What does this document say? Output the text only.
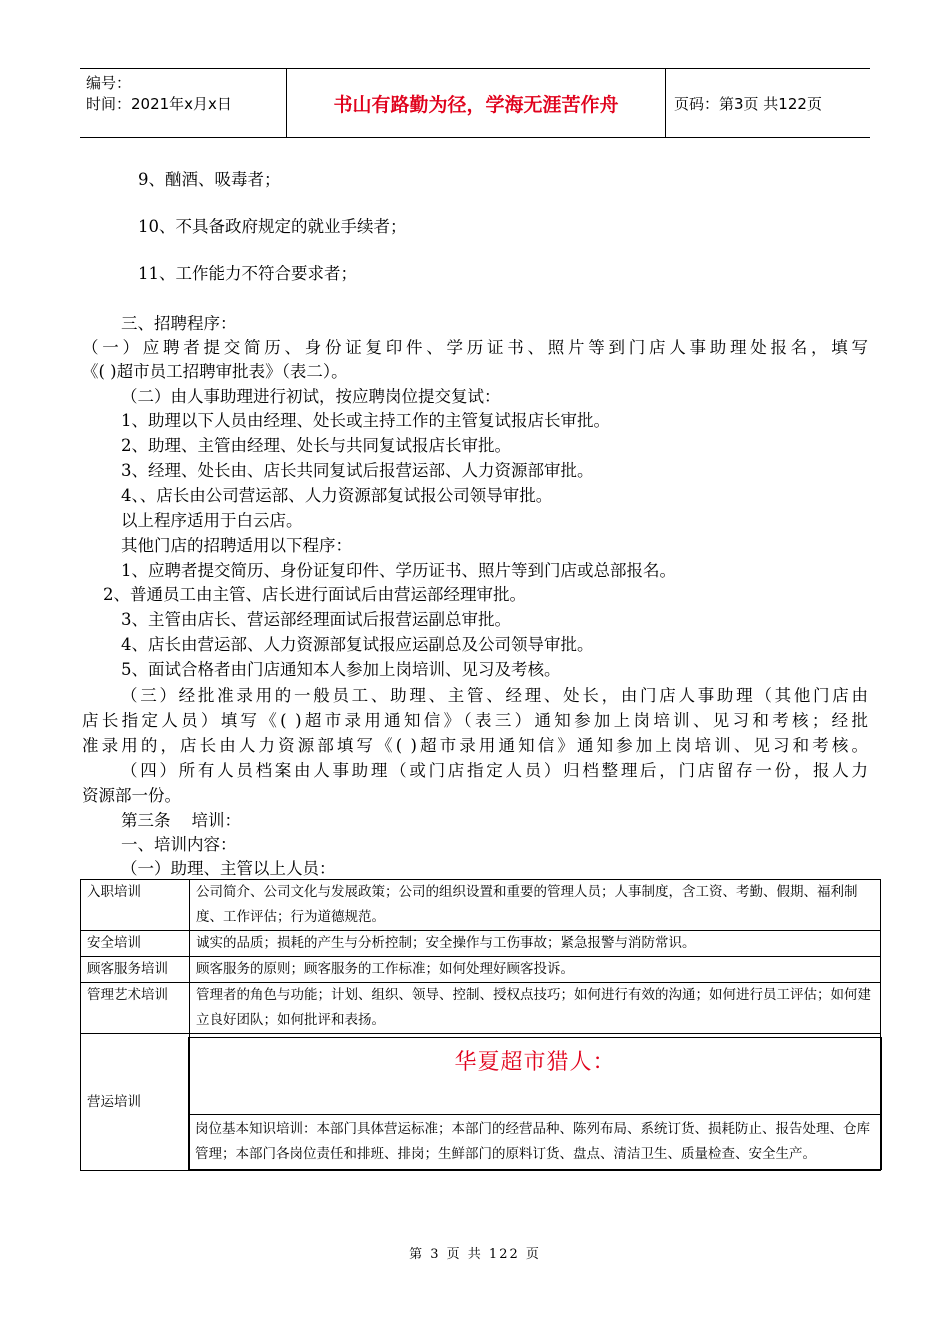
编号：
时间：2021年x月x日	书山有路勤为径，学海无涯苦作舟	页码：第3页 共122页
9、酗酒、吸毒者；
10、不具备政府规定的就业手续者；
11、工作能力不符合要求者；
三、招聘程序：
（一）应聘者提交简历、身份证复印件、学历证书、照片等到门店人事助理处报名，填写
《( )超市员工招聘审批表》（表二）。
（二）由人事助理进行初试，按应聘岗位提交复试：
1、助理以下人员由经理、处长或主持工作的主管复试报店长审批。
2、助理、主管由经理、处长与共同复试报店长审批。
3、经理、处长由、店长共同复试后报营运部、人力资源部审批。
4、、店长由公司营运部、人力资源部复试报公司领导审批。
以上程序适用于白云店。
其他门店的招聘适用以下程序：
1、应聘者提交简历、身份证复印件、学历证书、照片等到门店或总部报名。
2、普通员工由主管、店长进行面试后由营运部经理审批。
3、主管由店长、营运部经理面试后报营运副总审批。
4、店长由营运部、人力资源部复试报应运副总及公司领导审批。
5、面试合格者由门店通知本人参加上岗培训、见习及考核。
（三）经批准录用的一般员工、助理、主管、经理、处长，由门店人事助理（其他门店由
店长指定人员）填写《( )超市录用通知信》（表三）通知参加上岗培训、见习和考核；经批
准录用的，店长由人力资源部填写《( )超市录用通知信》通知参加上岗培训、见习和考核。
（四）所有人员档案由人事助理（或门店指定人员）归档整理后，门店留存一份，报人力
资源部一份。
第三条    培训：
一、培训内容：
（一）助理、主管以上人员：
入职培训	公司简介、公司文化与发展政策；公司的组织设置和重要的管理人员；人事制度，含工资、考勤、假期、福利制度、工作评估；行为道德规范。
安全培训	诚实的品质；损耗的产生与分析控制；安全操作与工伤事故；紧急报警与消防常识。
顾客服务培训	顾客服务的原则；顾客服务的工作标准；如何处理好顾客投诉。
管理艺术培训	管理者的角色与功能；计划、组织、领导、控制、授权点技巧；如何进行有效的沟通；如何进行员工评估；如何建立良好团队；如何批评和表扬。
营运培训	华夏超市猎人：
岗位基本知识培训：本部门具体营运标准；本部门的经营品种、陈列布局、系统订货、损耗防止、报告处理、仓库管理；本部门各岗位责任和排班、排岗；生鲜部门的原料订货、盘点、清洁卫生、质量检查、安全生产。
第 3 页 共 122 页
